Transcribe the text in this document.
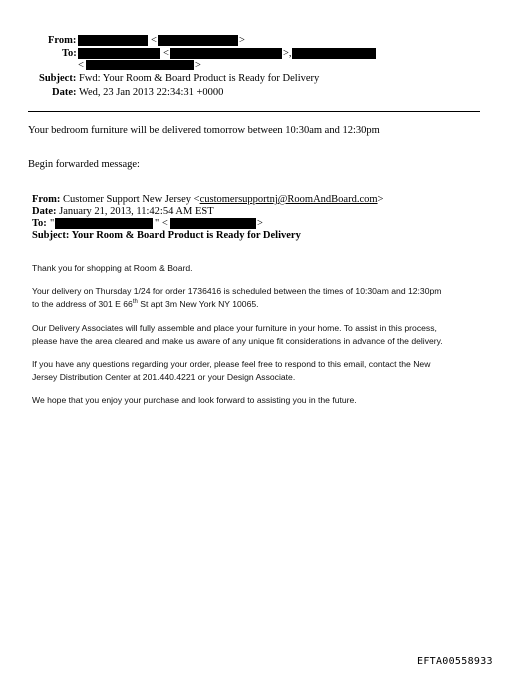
From:	<	>
To:	<	>,
<	>
Subject: Fwd: Your Room & Board Product is Ready for Delivery
Date: Wed, 23 Jan 2013 22:34:31 +0000
Your bedroom furniture will be delivered tomorrow between 10:30am and 12:30pm
Begin forwarded message:
From: Customer Support New Jersey <customersupportnj@RoomAndBoard.com>
Date: January 21, 2013, 11:42:54 AM EST
To: "	" <	>
Subject: Your Room & Board Product is Ready for Delivery
Thank you for shopping at Room & Board.
Your delivery on Thursday 1/24 for order 1736416 is scheduled between the times of 10:30am and 12:30pm
to the address of 301 E 66th St apt 3m New York NY 10065.
Our Delivery Associates will fully assemble and place your furniture in your home. To assist in this process,
please have the area cleared and make us aware of any unique fit considerations in advance of the delivery.
If you have any questions regarding your order, please feel free to respond to this email, contact the New
Jersey Distribution Center at 201.440.4221 or your Design Associate.
We hope that you enjoy your purchase and look forward to assisting you in the future.
EFTA00558933
